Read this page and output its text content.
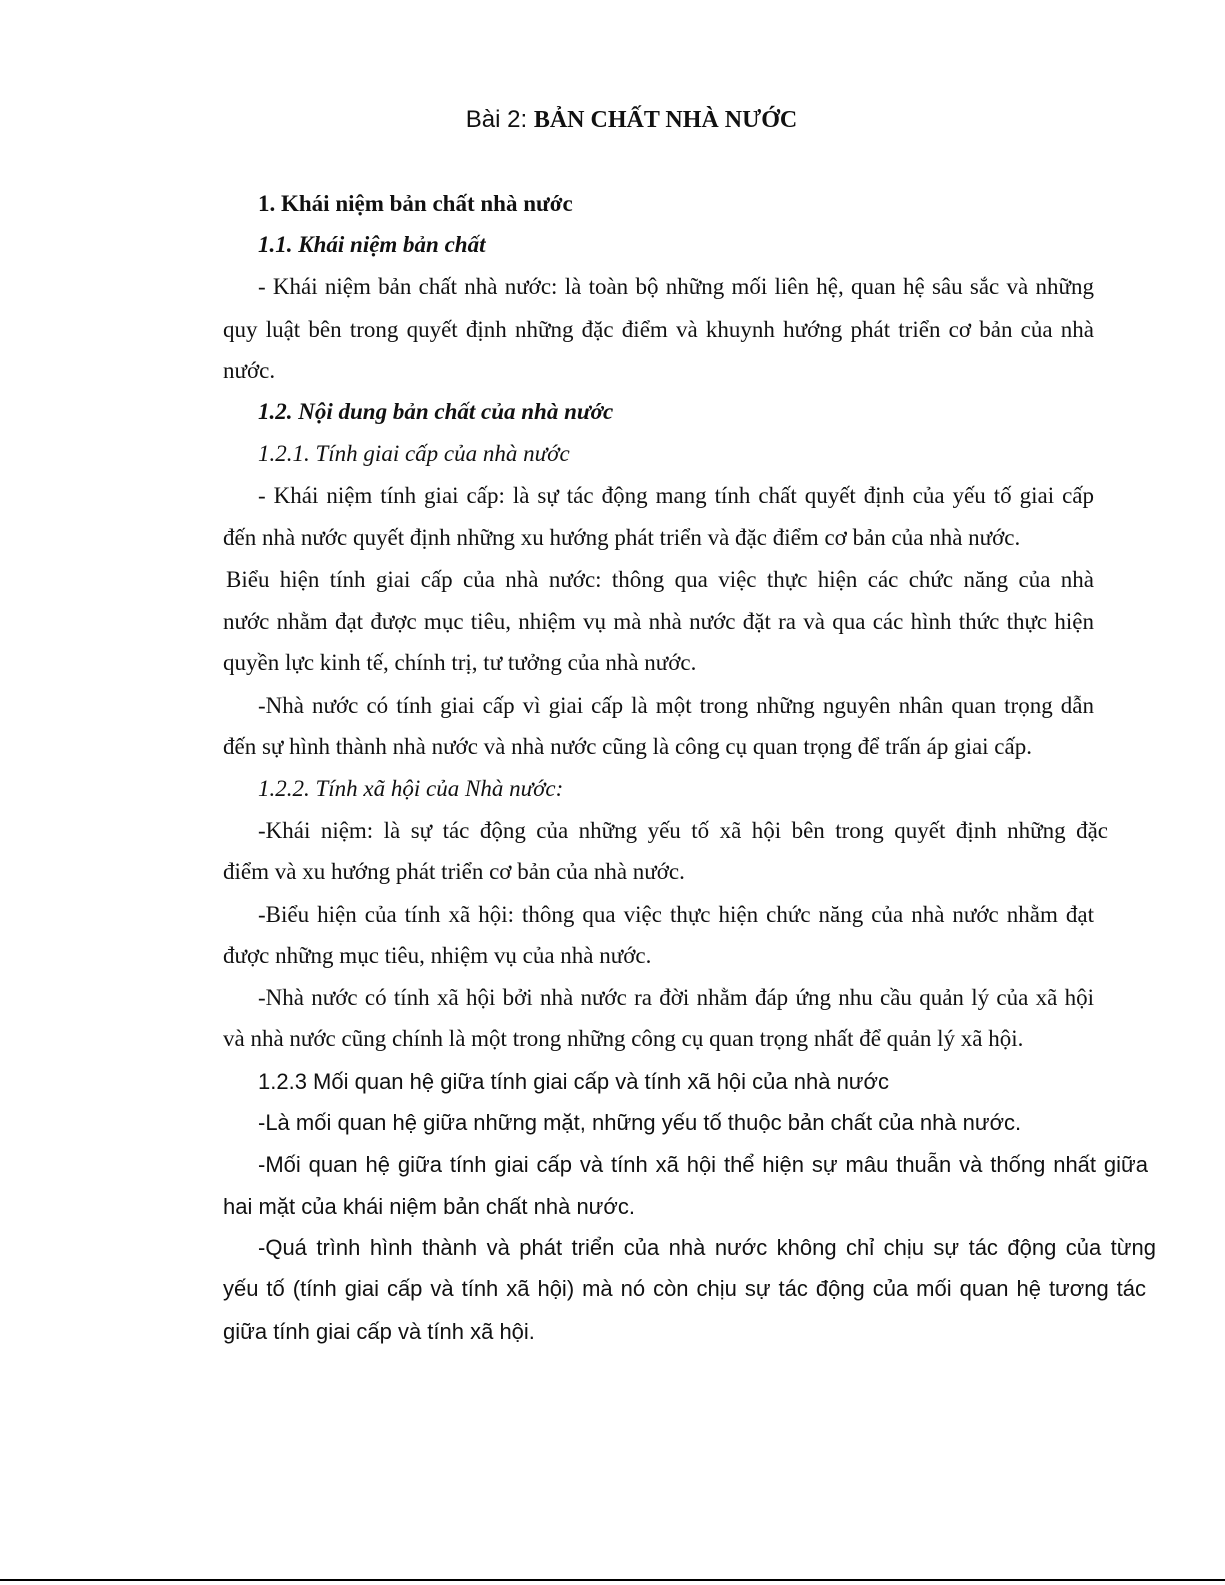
Bài 2: BẢN CHẤT NHÀ NƯỚC
1. Khái niệm bản chất nhà nước
1.1. Khái niệm bản chất
- Khái niệm bản chất nhà nước: là toàn bộ những mối liên hệ, quan hệ sâu sắc và những
quy luật bên trong quyết định những đặc điểm và khuynh hướng phát triển cơ bản của nhà
nước.
1.2. Nội dung bản chất của nhà nước
1.2.1. Tính giai cấp của nhà nước
- Khái niệm tính giai cấp: là sự tác động mang tính chất quyết định của yếu tố giai cấp
đến nhà nước quyết định những xu hướng phát triển và đặc điểm cơ bản của nhà nước.
Biểu hiện tính giai cấp của nhà nước: thông qua việc thực hiện các chức năng của nhà
nước nhằm đạt được mục tiêu, nhiệm vụ mà nhà nước đặt ra và qua các hình thức thực hiện
quyền lực kinh tế, chính trị, tư tưởng của nhà nước.
-Nhà nước có tính giai cấp vì giai cấp là một trong những nguyên nhân quan trọng dẫn
đến sự hình thành nhà nước và nhà nước cũng là công cụ quan trọng để trấn áp giai cấp.
1.2.2. Tính xã hội của Nhà nước:
-Khái niệm: là sự tác động của những yếu tố xã hội bên trong quyết định những đặc
điểm và xu hướng phát triển cơ bản của nhà nước.
-Biểu hiện của tính xã hội: thông qua việc thực hiện chức năng của nhà nước nhằm đạt
được những mục tiêu, nhiệm vụ của nhà nước.
-Nhà nước có tính xã hội bởi nhà nước ra đời nhằm đáp ứng nhu cầu quản lý của xã hội
và nhà nước cũng chính là một trong những công cụ quan trọng nhất để quản lý xã hội.
1.2.3 Mối quan hệ giữa tính giai cấp và tính xã hội của nhà nước
-Là mối quan hệ giữa những mặt, những yếu tố thuộc bản chất của nhà nước.
-Mối quan hệ giữa tính giai cấp và tính xã hội thể hiện sự mâu thuẫn và thống nhất giữa
hai mặt của khái niệm bản chất nhà nước.
-Quá trình hình thành và phát triển của nhà nước không chỉ chịu sự tác động của từng
yếu tố (tính giai cấp và tính xã hội) mà nó còn chịu sự tác động của mối quan hệ tương tác
giữa tính giai cấp và tính xã hội.
